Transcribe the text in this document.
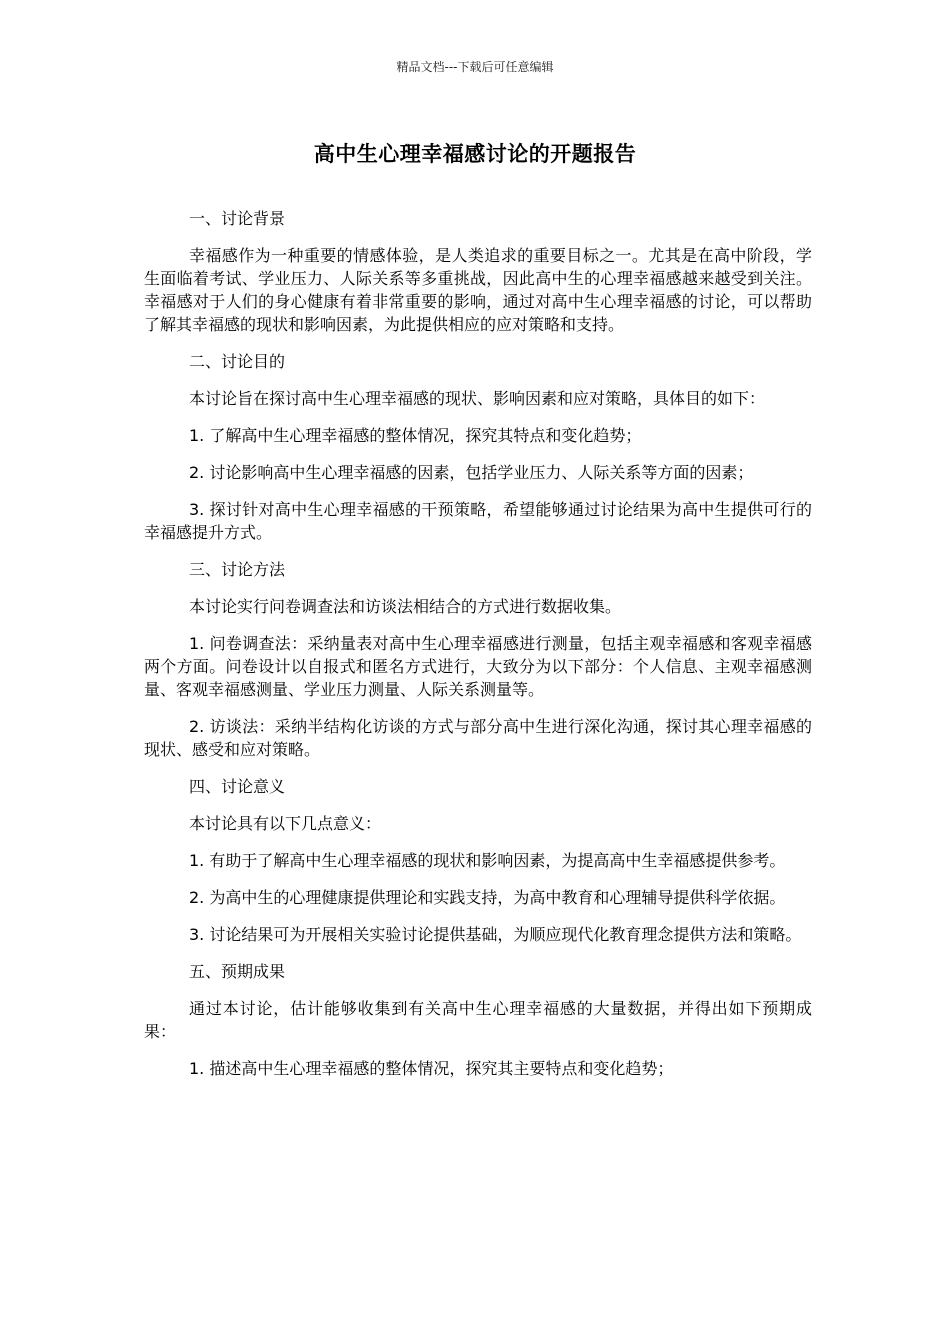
精品文档---下载后可任意编辑
高中生心理幸福感讨论的开题报告

一、讨论背景

幸福感作为一种重要的情感体验，是人类追求的重要目标之一。尤其是在高中阶段，学生面临着考试、学业压力、人际关系等多重挑战，因此高中生的心理幸福感越来越受到关注。幸福感对于人们的身心健康有着非常重要的影响，通过对高中生心理幸福感的讨论，可以帮助了解其幸福感的现状和影响因素，为此提供相应的应对策略和支持。

二、讨论目的

本讨论旨在探讨高中生心理幸福感的现状、影响因素和应对策略，具体目的如下：

1. 了解高中生心理幸福感的整体情况，探究其特点和变化趋势；

2. 讨论影响高中生心理幸福感的因素，包括学业压力、人际关系等方面的因素；

3. 探讨针对高中生心理幸福感的干预策略，希望能够通过讨论结果为高中生提供可行的幸福感提升方式。

三、讨论方法

本讨论实行问卷调查法和访谈法相结合的方式进行数据收集。

1. 问卷调查法：采纳量表对高中生心理幸福感进行测量，包括主观幸福感和客观幸福感两个方面。问卷设计以自报式和匿名方式进行，大致分为以下部分：个人信息、主观幸福感测量、客观幸福感测量、学业压力测量、人际关系测量等。

2. 访谈法：采纳半结构化访谈的方式与部分高中生进行深化沟通，探讨其心理幸福感的现状、感受和应对策略。

四、讨论意义

本讨论具有以下几点意义：

1. 有助于了解高中生心理幸福感的现状和影响因素，为提高高中生幸福感提供参考。

2. 为高中生的心理健康提供理论和实践支持，为高中教育和心理辅导提供科学依据。

3. 讨论结果可为开展相关实验讨论提供基础，为顺应现代化教育理念提供方法和策略。

五、预期成果

通过本讨论，估计能够收集到有关高中生心理幸福感的大量数据，并得出如下预期成果：

1. 描述高中生心理幸福感的整体情况，探究其主要特点和变化趋势；
